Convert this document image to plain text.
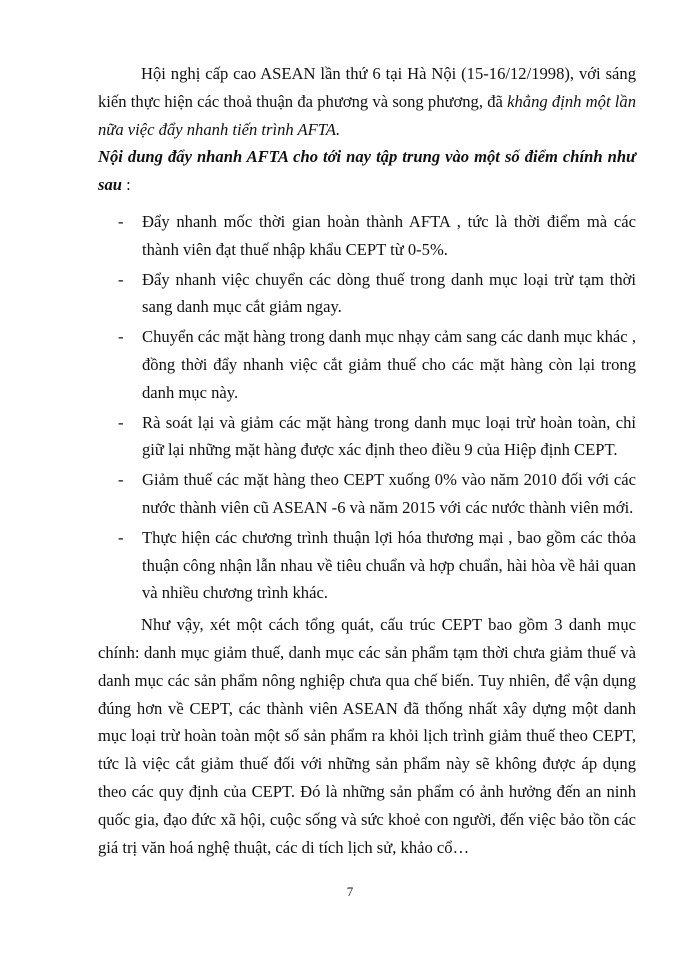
Hội nghị cấp cao ASEAN lần thứ 6 tại Hà Nội (15-16/12/1998), với sáng kiến thực hiện các thoả thuận đa phương và song phương, đã khẳng định một lần nữa việc đẩy nhanh tiến trình AFTA.

Nội dung đẩy nhanh AFTA cho tới nay tập trung vào một số điểm chính như sau :

- Đẩy nhanh mốc thời gian hoàn thành AFTA , tức là thời điểm mà các thành viên đạt thuế nhập khẩu CEPT từ 0-5%.
- Đẩy nhanh việc chuyển các dòng thuế trong danh mục loại trừ tạm thời sang danh mục cắt giảm ngay.
- Chuyển các mặt hàng trong danh mục nhạy cảm sang các danh mục khác , đồng thời đẩy nhanh việc cắt giảm thuế cho các mặt hàng còn lại trong danh mục này.
- Rà soát lại và giảm các mặt hàng trong danh mục loại trừ hoàn toàn, chỉ giữ lại những mặt hàng được xác định theo điều 9 của Hiệp định CEPT.
- Giảm thuế các mặt hàng theo CEPT xuống 0% vào năm 2010 đối với các nước thành viên cũ ASEAN -6 và năm 2015 với các nước thành viên mới.
- Thực hiện các chương trình thuận lợi hóa thương mại , bao gồm các thỏa thuận công nhận lẫn nhau về tiêu chuẩn và hợp chuẩn, hài hòa về hải quan và nhiều chương trình khác.

Như vậy, xét một cách tổng quát, cấu trúc CEPT bao gồm 3 danh mục chính: danh mục giảm thuế, danh mục các sản phẩm tạm thời chưa giảm thuế và danh mục các sản phẩm nông nghiệp chưa qua chế biến. Tuy nhiên, để vận dụng đúng hơn về CEPT, các thành viên ASEAN đã thống nhất xây dựng một danh mục loại trừ hoàn toàn một số sản phẩm ra khỏi lịch trình giảm thuế theo CEPT, tức là việc cắt giảm thuế đối với những sản phẩm này sẽ không được áp dụng theo các quy định của CEPT. Đó là những sản phẩm có ảnh hưởng đến an ninh quốc gia, đạo đức xã hội, cuộc sống và sức khoẻ con người, đến việc bảo tồn các giá trị văn hoá nghệ thuật, các di tích lịch sử, khảo cổ…

7
